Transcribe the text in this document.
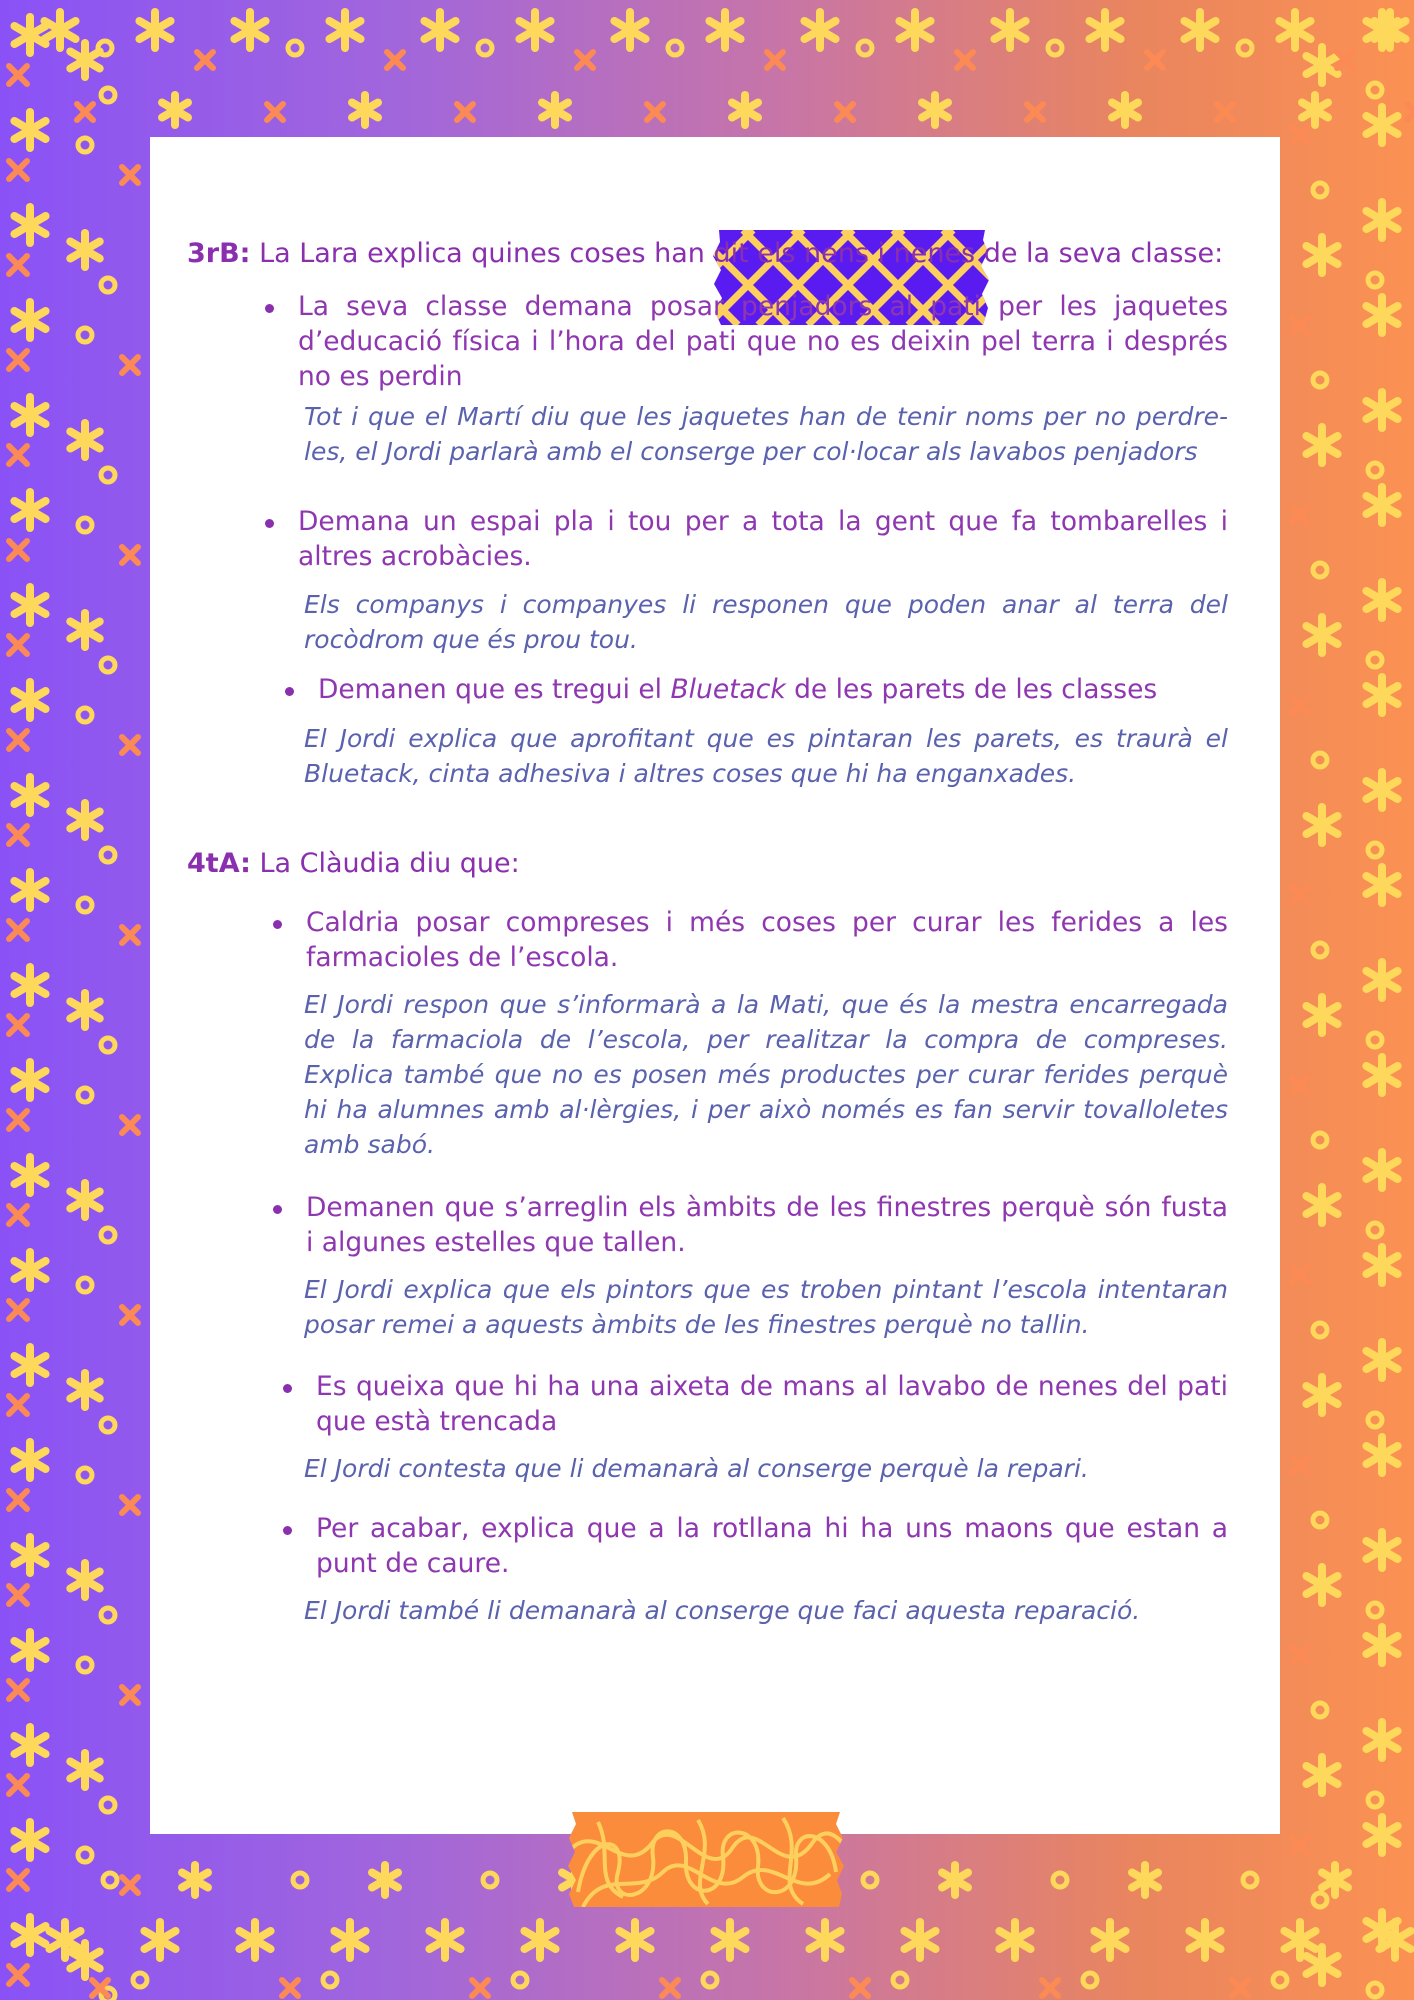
3rB: La Lara explica quines coses han dit els nens i nenes de la seva classe:

La seva classe demana posar penjadors al pati per les jaquetes d’educació física i l’hora del pati que no es deixin pel terra i després no es perdin

Tot i que el Martí diu que les jaquetes han de tenir noms per no perdre-les, el Jordi parlarà amb el conserge per col·locar als lavabos penjadors

Demana un espai pla i tou per a tota la gent que fa tombarelles i altres acrobàcies.

Els companys i companyes li responen que poden anar al terra del rocòdrom que és prou tou.

Demanen que es tregui el Bluetack de les parets de les classes

El Jordi explica que aprofitant que es pintaran les parets, es traurà el Bluetack, cinta adhesiva i altres coses que hi ha enganxades.

4tA: La Clàudia diu que:

Caldria posar compreses i més coses per curar les ferides a les farmacioles de l’escola.

El Jordi respon que s’informarà a la Mati, que és la mestra encarregada de la farmaciola de l’escola, per realitzar la compra de compreses. Explica també que no es posen més productes per curar ferides perquè hi ha alumnes amb al·lèrgies, i per això només es fan servir tovalloletes amb sabó.

Demanen que s’arreglin els àmbits de les finestres perquè són fusta i algunes estelles que tallen.

El Jordi explica que els pintors que es troben pintant l’escola intentaran posar remei a aquests àmbits de les finestres perquè no tallin.

Es queixa que hi ha una aixeta de mans al lavabo de nenes del pati que està trencada

El Jordi contesta que li demanarà al conserge perquè la repari.

Per acabar, explica que a la rotllana hi ha uns maons que estan a punt de caure.

El Jordi també li demanarà al conserge que faci aquesta reparació.
